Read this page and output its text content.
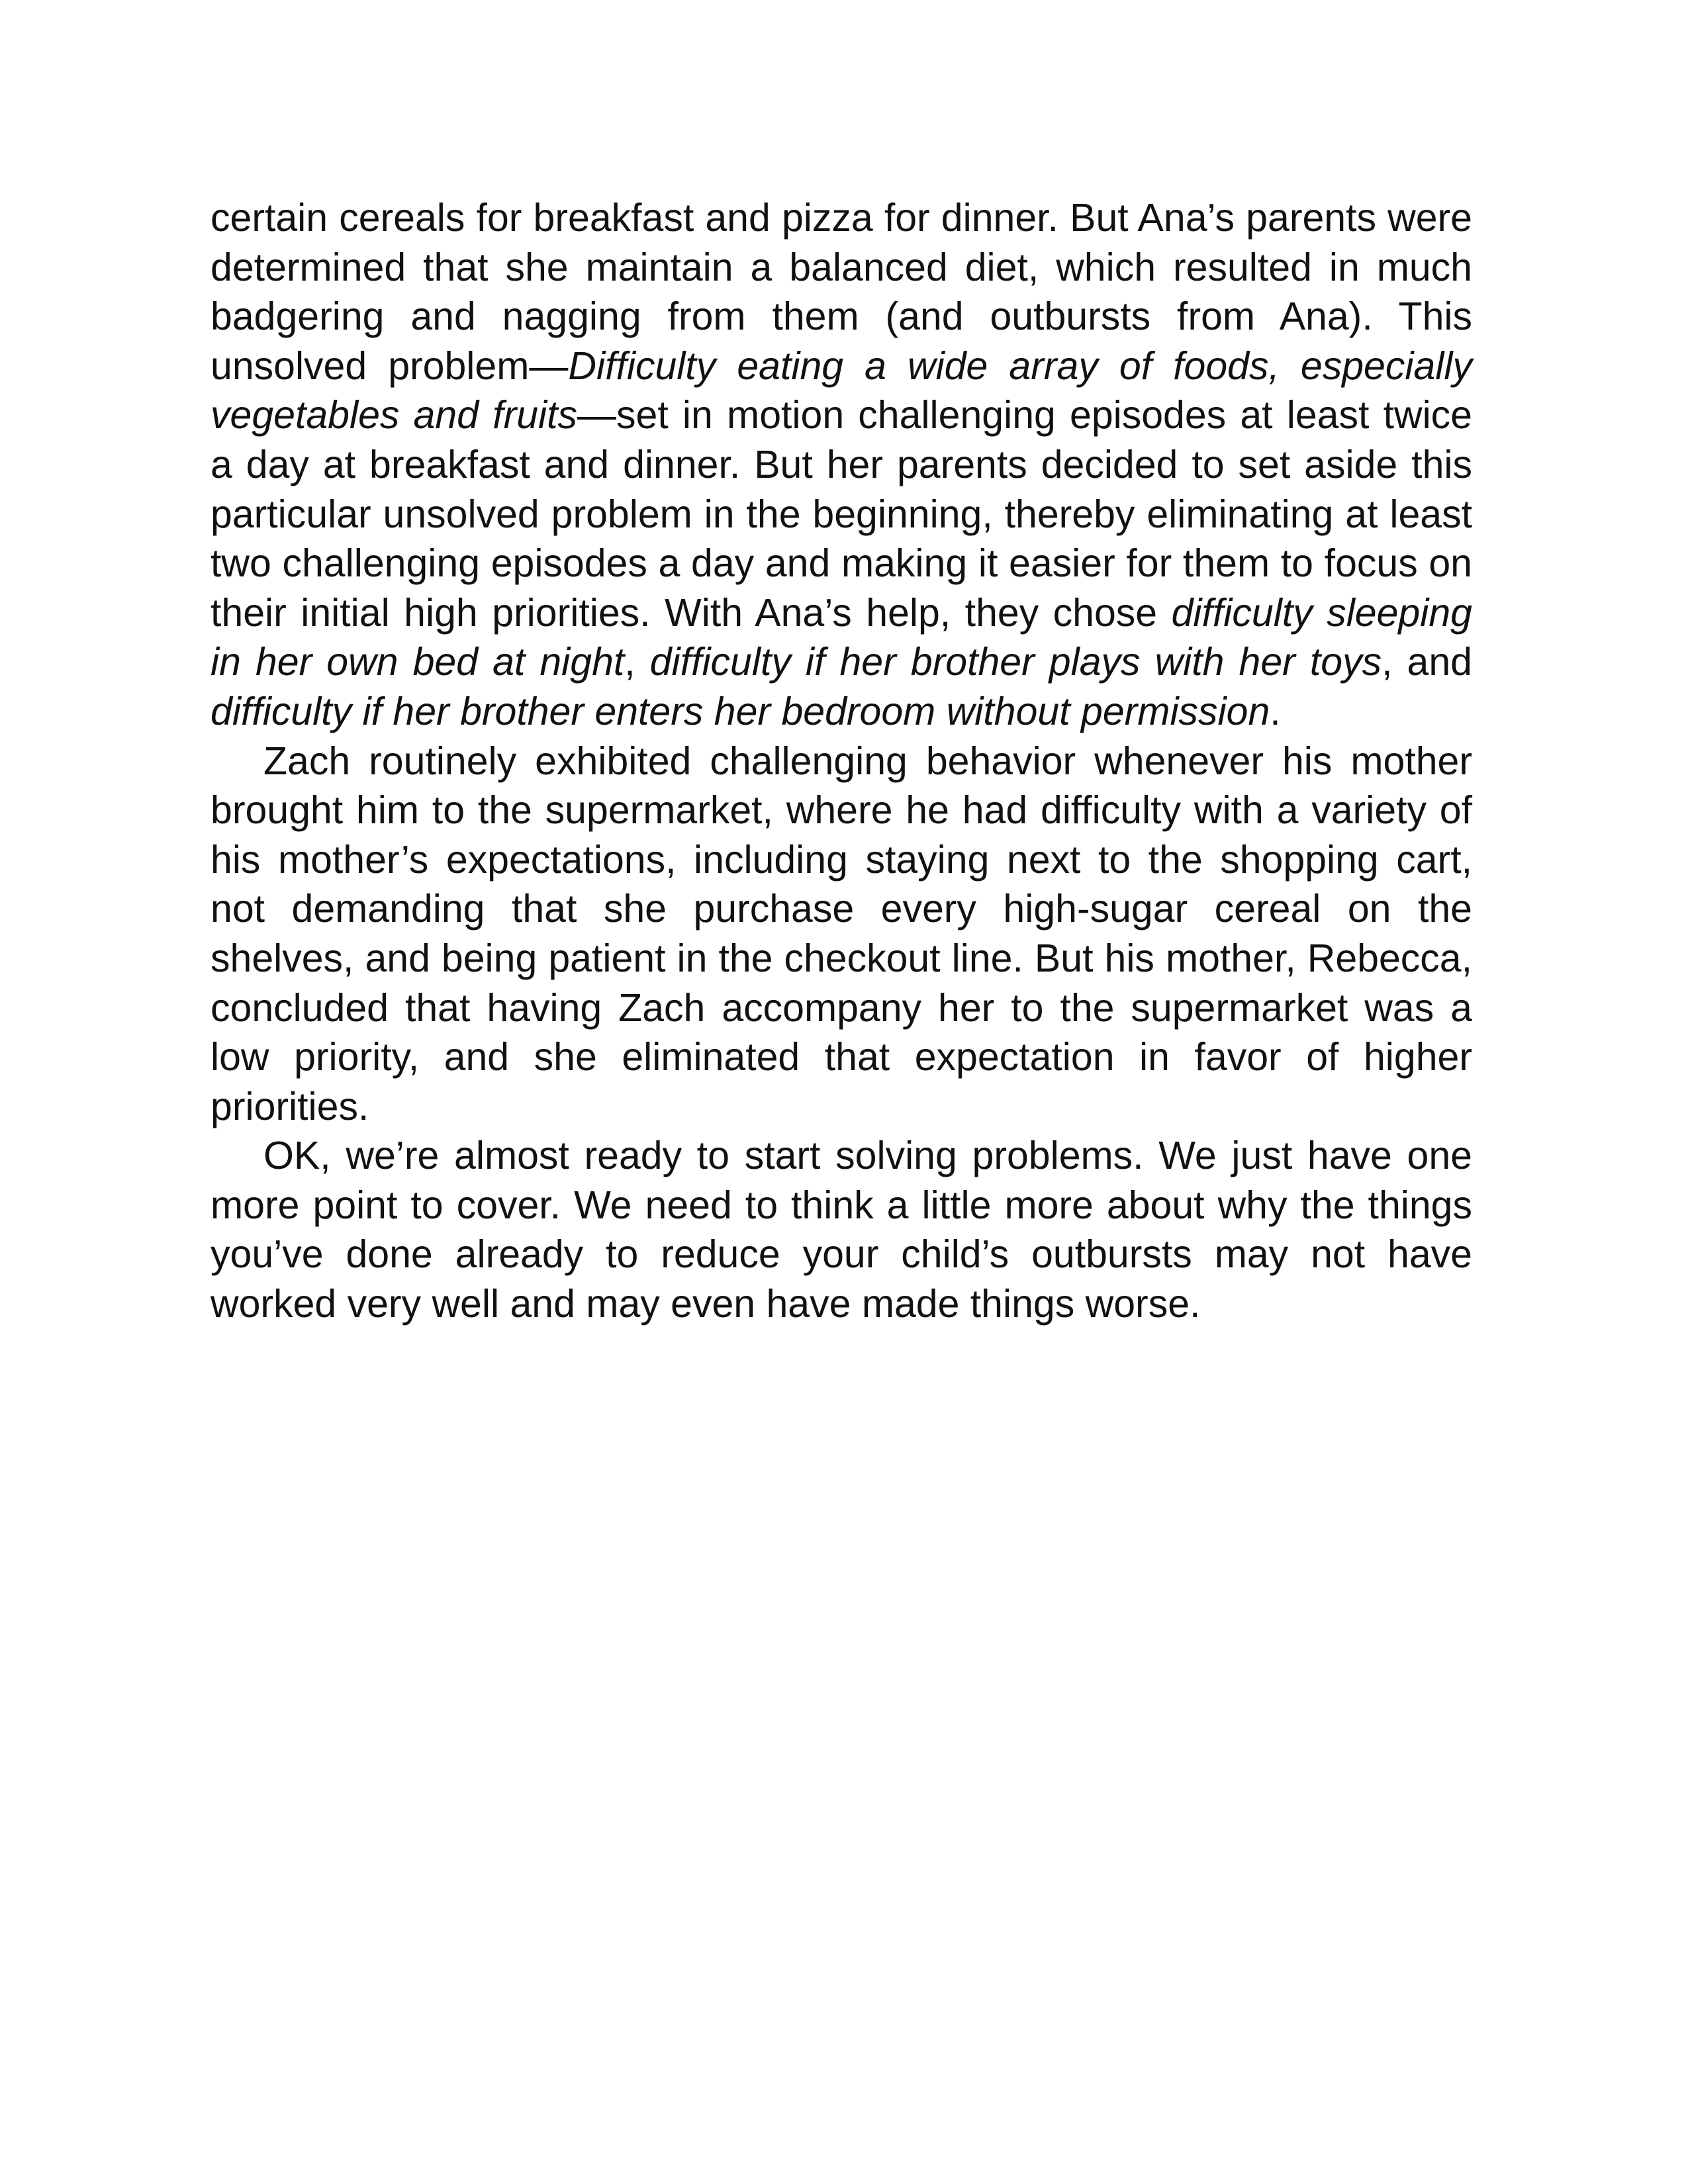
certain cereals for breakfast and pizza for dinner. But Ana’s parents were determined that she maintain a balanced diet, which resulted in much badgering and nagging from them (and outbursts from Ana). This unsolved problem—Difficulty eating a wide array of foods, especially vegetables and fruits—set in motion challenging episodes at least twice a day at breakfast and dinner. But her parents decided to set aside this particular unsolved problem in the beginning, thereby eliminating at least two challenging episodes a day and making it easier for them to focus on their initial high priorities. With Ana’s help, they chose difficulty sleeping in her own bed at night, difficulty if her brother plays with her toys, and difficulty if her brother enters her bedroom without permission.

Zach routinely exhibited challenging behavior whenever his mother brought him to the supermarket, where he had difficulty with a variety of his mother’s expectations, including staying next to the shopping cart, not demanding that she purchase every high-sugar cereal on the shelves, and being patient in the checkout line. But his mother, Rebecca, concluded that having Zach accompany her to the supermarket was a low priority, and she eliminated that expectation in favor of higher priorities.

OK, we’re almost ready to start solving problems. We just have one more point to cover. We need to think a little more about why the things you’ve done already to reduce your child’s outbursts may not have worked very well and may even have made things worse.
